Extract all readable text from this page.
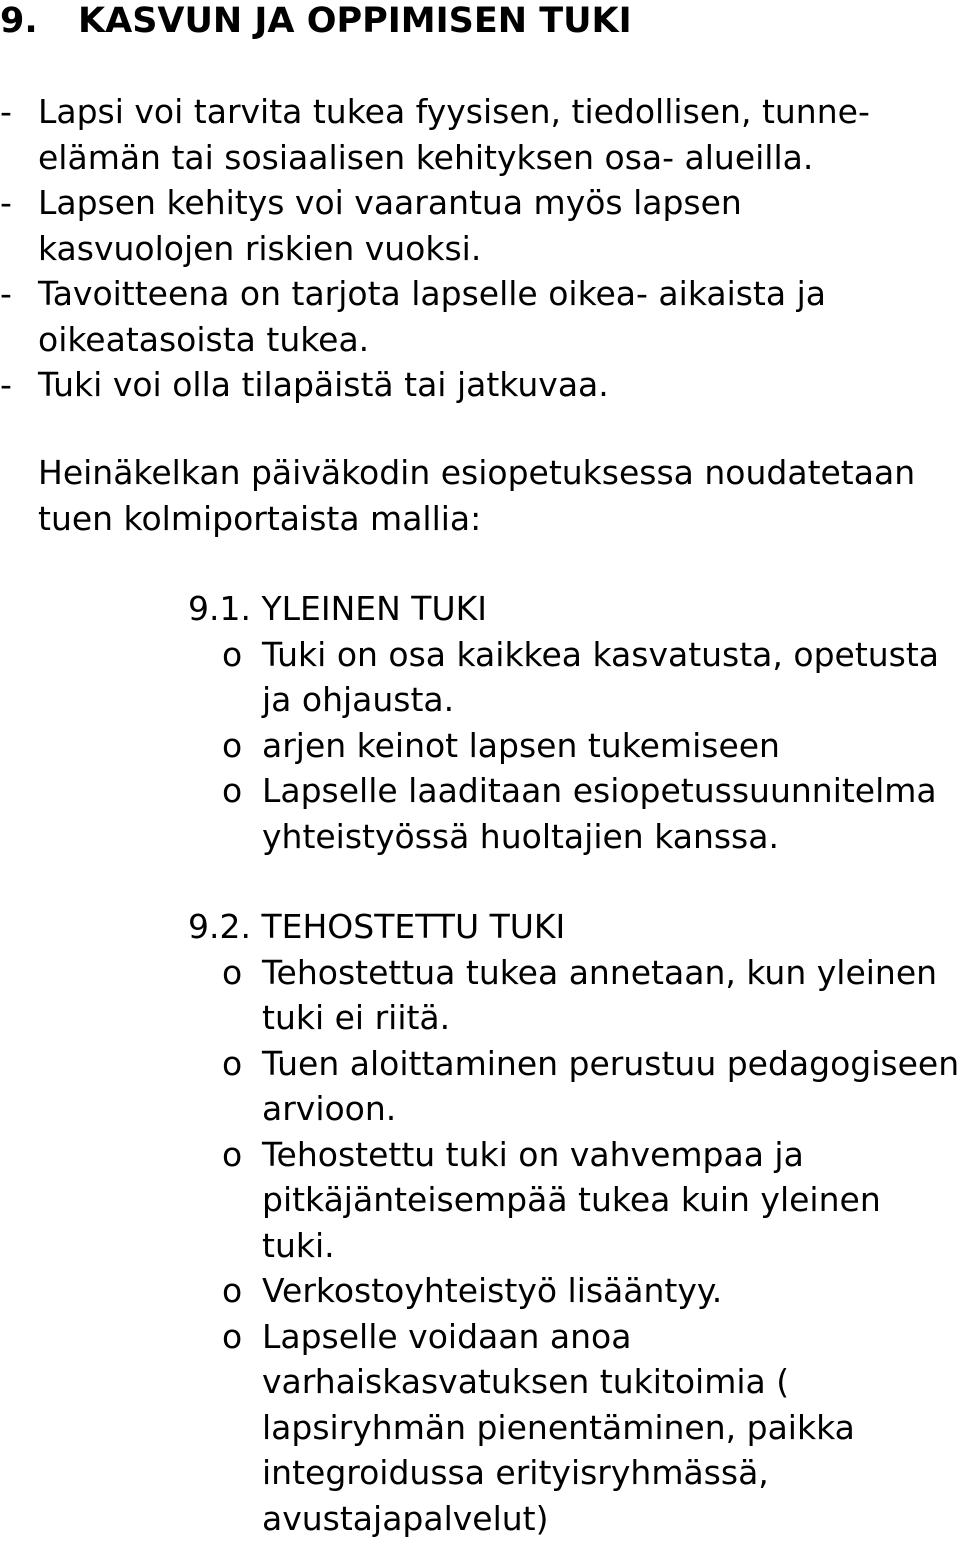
9. KASVUN JA OPPIMISEN TUKI
- Lapsi voi tarvita tukea fyysisen, tiedollisen, tunne-elämän tai sosiaalisen kehityksen osa- alueilla.
- Lapsen kehitys voi vaarantua myös lapsen kasvuolojen riskien vuoksi.
- Tavoitteena on tarjota lapselle oikea- aikaista ja oikeatasoista tukea.
- Tuki voi olla tilapäistä tai jatkuvaa.

Heinäkelkan päiväkodin esiopetuksessa noudatetaan tuen kolmiportaista mallia:

9.1. YLEINEN TUKI

o Tuki on osa kaikkea kasvatusta, opetusta ja ohjausta.
o arjen keinot lapsen tukemiseen
o Lapselle laaditaan esiopetussuunnitelma yhteistyössä huoltajien kanssa.

9.2. TEHOSTETTU TUKI

o Tehostettua tukea annetaan, kun yleinen tuki ei riitä.
o Tuen aloittaminen perustuu pedagogiseen arvioon.
o Tehostettu tuki on vahvempaa ja pitkäjänteisempää tukea kuin yleinen tuki.
o Verkostoyhteistyö lisääntyy.
o Lapselle voidaan anoa varhaiskasvatuksen tukitoimia ( lapsiryhmän pienentäminen, paikka integroidussa erityisryhmässä, avustajapalvelut)
